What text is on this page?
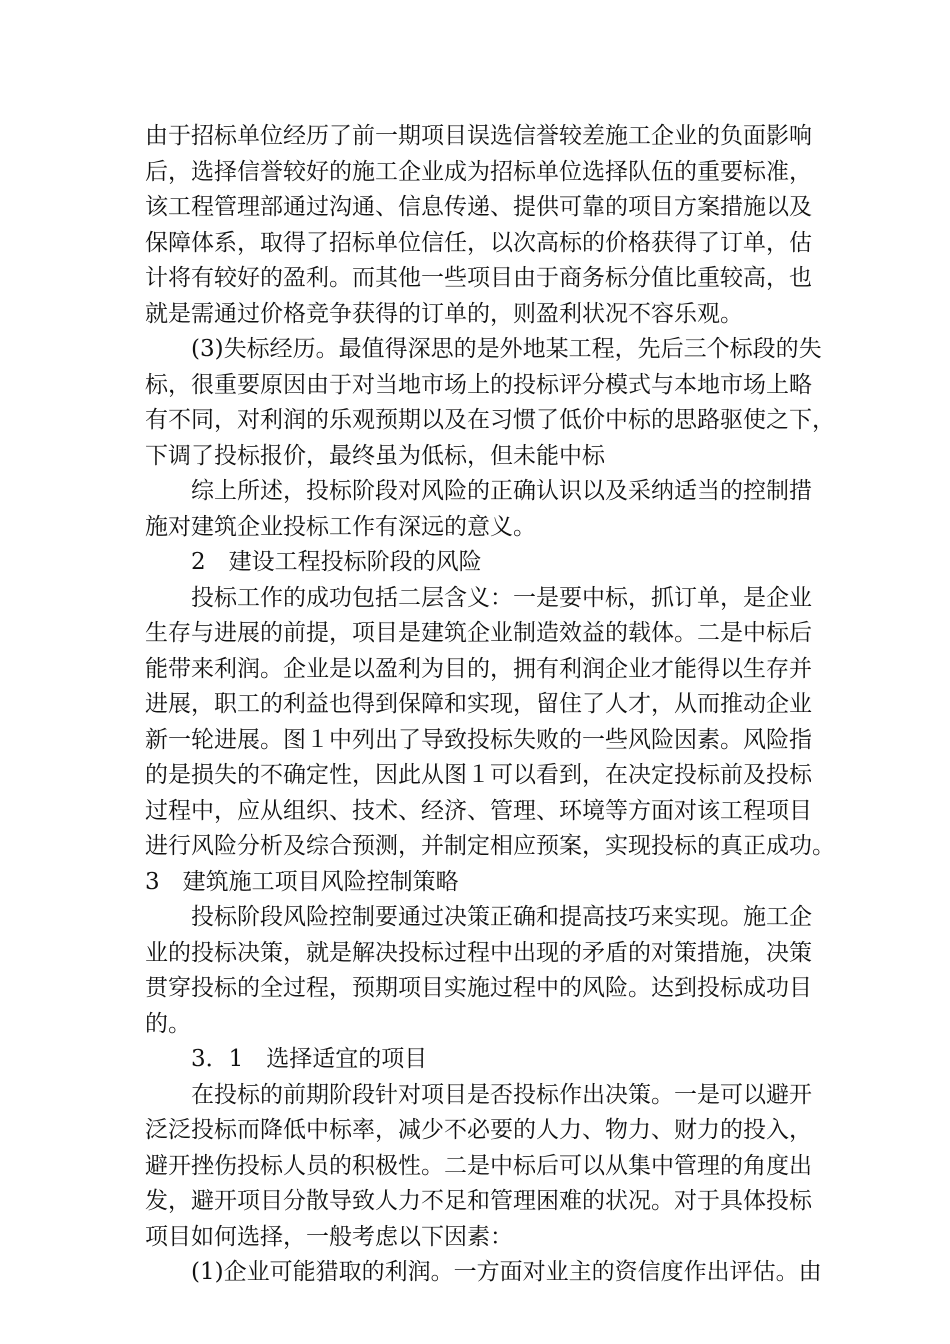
由于招标单位经历了前一期项目误选信誉较差施工企业的负面影响
后，选择信誉较好的施工企业成为招标单位选择队伍的重要标准，
该工程管理部通过沟通、信息传递、提供可靠的项目方案措施以及
保障体系，取得了招标单位信任，以次高标的价格获得了订单，估
计将有较好的盈利。而其他一些项目由于商务标分值比重较高，也
就是需通过价格竞争获得的订单的，则盈利状况不容乐观。
(3)失标经历。最值得深思的是外地某工程，先后三个标段的失
标，很重要原因由于对当地市场上的投标评分模式与本地市场上略
有不同，对利润的乐观预期以及在习惯了低价中标的思路驱使之下，
下调了投标报价，最终虽为低标，但未能中标
综上所述，投标阶段对风险的正确认识以及采纳适当的控制措
施对建筑企业投标工作有深远的意义。
2　建设工程投标阶段的风险
投标工作的成功包括二层含义：一是要中标，抓订单，是企业
生存与进展的前提，项目是建筑企业制造效益的载体。二是中标后
能带来利润。企业是以盈利为目的，拥有利润企业才能得以生存并
进展，职工的利益也得到保障和实现，留住了人才，从而推动企业
新一轮进展。图１中列出了导致投标失败的一些风险因素。风险指
的是损失的不确定性，因此从图１可以看到，在决定投标前及投标
过程中，应从组织、技术、经济、管理、环境等方面对该工程项目
进行风险分析及综合预测，并制定相应预案，实现投标的真正成功。
3　建筑施工项目风险控制策略
投标阶段风险控制要通过决策正确和提高技巧来实现。施工企
业的投标决策，就是解决投标过程中出现的矛盾的对策措施，决策
贯穿投标的全过程，预期项目实施过程中的风险。达到投标成功目
的。
3．1　选择适宜的项目
在投标的前期阶段针对项目是否投标作出决策。一是可以避开
泛泛投标而降低中标率，减少不必要的人力、物力、财力的投入，
避开挫伤投标人员的积极性。二是中标后可以从集中管理的角度出
发，避开项目分散导致人力不足和管理困难的状况。对于具体投标
项目如何选择，一般考虑以下因素：
(1)企业可能猎取的利润。一方面对业主的资信度作出评估。由
